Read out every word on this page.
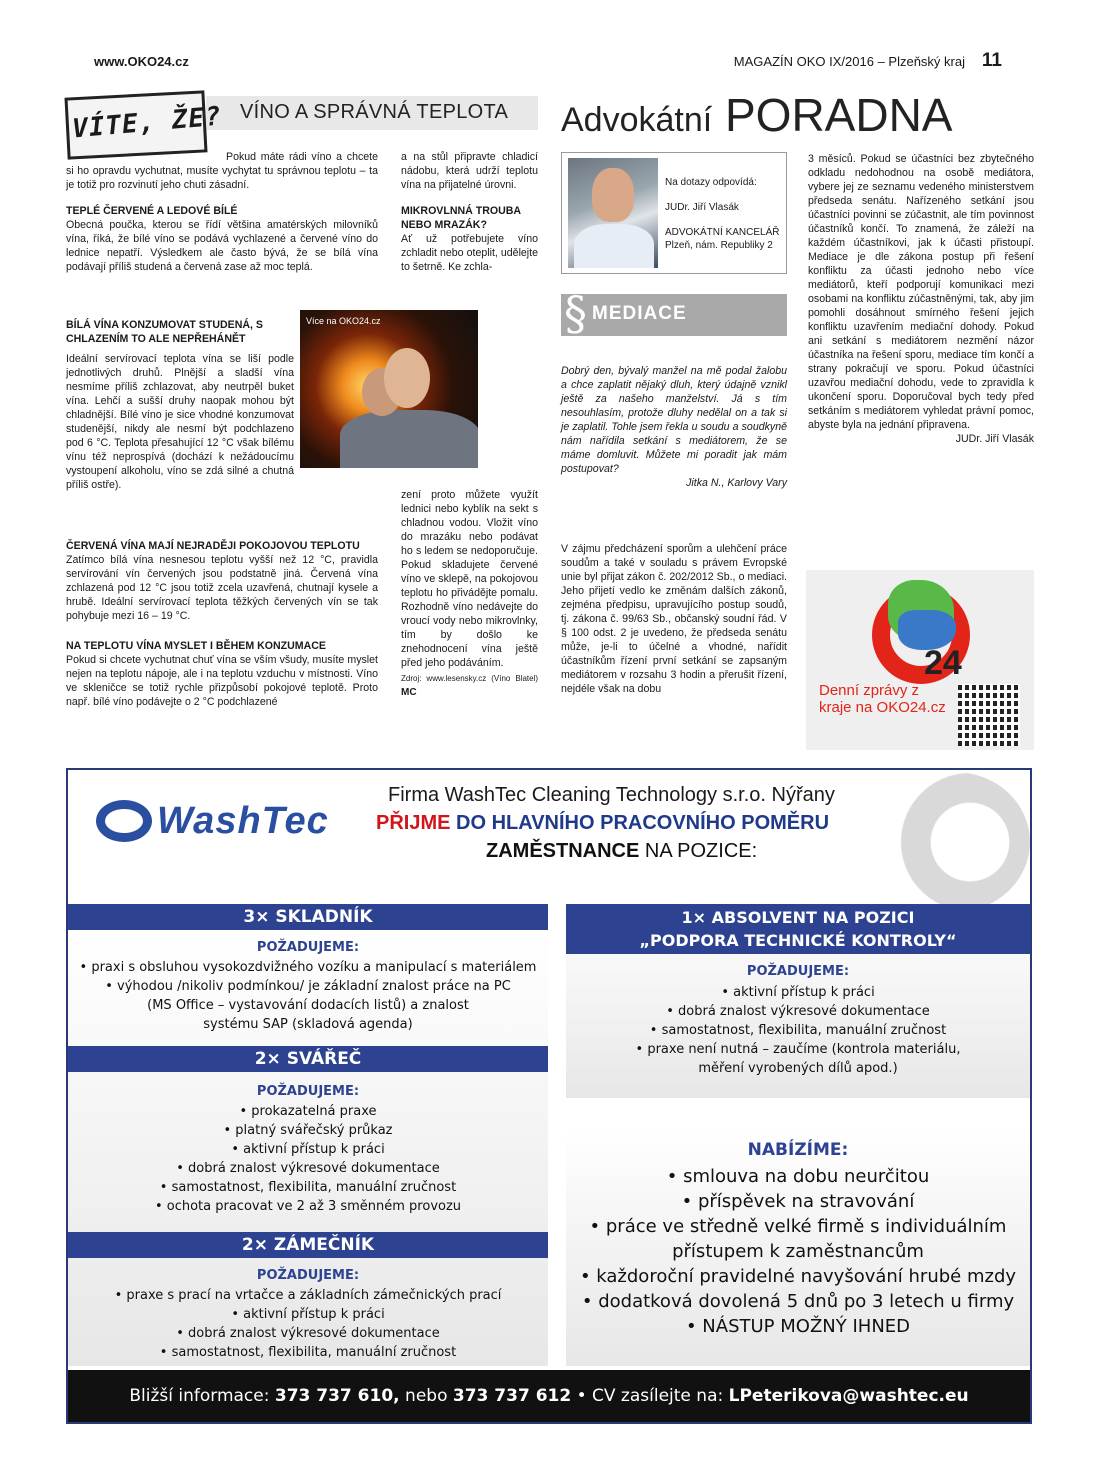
www.OKO24.cz	MAGAZÍN OKO IX/2016 – Plzeňský kraj 11
VÍNO A SPRÁVNÁ TEPLOTA
VÍTE, ŽE?

Pokud máte rádi víno a chcete si ho opravdu vychutnat, musíte vychytat tu správnou teplotu – ta je totiž pro rozvinutí jeho chuti zásadní.

TEPLÉ ČERVENÉ A LEDOVÉ BÍLÉ

Obecná poučka, kterou se řídí většina amatérských milovníků vína, říká, že bílé víno se podává vychlazené a červené víno do lednice nepatří. Výsledkem ale často bývá, že se bílá vína podávají příliš studená a červená zase až moc teplá.

BÍLÁ VÍNA KONZUMOVAT STUDENÁ, S CHLAZENÍM TO ALE NEPŘEHÁNĚT

Ideální servírovací teplota vína se liší podle jednotlivých druhů. Plnější a sladší vína nesmíme příliš zchlazovat, aby neutrpěl buket vína. Lehčí a sušší druhy naopak mohou být chladnější. Bílé víno je sice vhodné konzumovat studenější, nikdy ale nesmí být podchlazeno pod 6 °C. Teplota přesahující 12 °C však bílému vínu též neprospívá (dochází k nežádoucímu vystoupení alkoholu, víno se zdá silné a chutná příliš ostře).

ČERVENÁ VÍNA MAJÍ NEJRADĚJI POKOJOVOU TEPLOTU

Zatímco bílá vína nesnesou teplotu vyšší než 12 °C, pravidla servírování vín červených jsou podstatně jiná. Červená vína zchlazená pod 12 °C jsou totiž zcela uzavřená, chutnají kysele a hrubě. Ideální servírovací teplota těžkých červených vín se tak pohybuje mezi 16 – 19 °C.

NA TEPLOTU VÍNA MYSLET I BĚHEM KONZUMACE

Pokud si chcete vychutnat chuť vína se vším všudy, musíte myslet nejen na teplotu nápoje, ale i na teplotu vzduchu v místnosti. Víno ve skleničce se totiž rychle přizpůsobí pokojové teplotě. Proto např. bílé víno podávejte o 2 °C podchlazené

a na stůl připravte chladicí nádobu, která udrží teplotu vína na přijatelné úrovni.

MIKROVLNNÁ TROUBA NEBO MRAZÁK?

Ať už potřebujete víno zchladit nebo oteplit, udělejte to šetrně. Ke zchla-

zení proto můžete využít lednici nebo kyblík na sekt s chladnou vodou. Vložit víno do mrazáku nebo podávat ho s ledem se nedoporučuje. Pokud skladujete červené víno ve sklepě, na pokojovou teplotu ho přivádějte pomalu. Rozhodně víno nedávejte do vroucí vody nebo mikrovlnky, tím by došlo ke znehodnocení vína ještě před jeho podáváním.

Zdroj: www.lesensky.cz (Víno Blatel) MC

Více na OKO24.cz
Advokátní PORADNA
Na dotazy odpovídá:
JUDr. Jiří Vlasák
ADVOKÁTNÍ KANCELÁŘ
Plzeň, nám. Republiky 2
§ MEDIACE

Dobrý den, bývalý manžel na mě podal žalobu a chce zaplatit nějaký dluh, který údajně vznikl ještě za našeho manželství. Já s tím nesouhlasím, protože dluhy nedělal on a tak si je zaplatil. Tohle jsem řekla u soudu a soudkyně nám nařídila setkání s mediátorem, že se máme domluvit. Můžete mi poradit jak mám postupovat?

Jitka N., Karlovy Vary

V zájmu předcházení sporům a ulehčení práce soudům a také v souladu s právem Evropské unie byl přijat zákon č. 202/2012 Sb., o mediaci. Jeho přijetí vedlo ke změnám dalších zákonů, zejména předpisu, upravujícího postup soudů, tj. zákona č. 99/63 Sb., občanský soudní řád. V § 100 odst. 2 je uvedeno, že předseda senátu může, je-li to účelné a vhodné, nařídit účastníkům řízení první setkání se zapsaným mediátorem v rozsahu 3 hodin a přerušit řízení, nejdéle však na dobu

3 měsíců. Pokud se účastníci bez zbytečného odkladu nedohodnou na osobě mediátora, vybere jej ze seznamu vedeného ministerstvem předseda senátu. Nařízeného setkání jsou účastníci povinni se zúčastnit, ale tím povinnost účastníků končí. To znamená, že záleží na každém účastníkovi, jak k účasti přistoupí. Mediace je dle zákona postup při řešení konfliktu za účasti jednoho nebo více mediátorů, kteří podporují komunikaci mezi osobami na konfliktu zúčastněnými, tak, aby jim pomohli dosáhnout smírného řešení jejich konfliktu uzavřením mediační dohody. Pokud ani setkání s mediátorem nezmění názor účastníka na řešení sporu, mediace tím končí a strany pokračují ve sporu. Pokud účastníci uzavřou mediační dohodu, vede to zpravidla k ukončení sporu. Doporučoval bych tedy před setkáním s mediátorem vyhledat právní pomoc, abyste byla na jednání připravena.

JUDr. Jiří Vlasák

24
Denní zprávy z kraje na OKO24.cz
WashTec
Firma WashTec Cleaning Technology s.r.o. Nýřany
PŘIJME DO HLAVNÍHO PRACOVNÍHO POMĚRU
ZAMĚSTNANCE NA POZICE:
3× SKLADNÍK
POŽADUJEME:
• praxi s obsluhou vysokozdvižného vozíku a manipulací s materiálem
• výhodou /nikoliv podmínkou/ je základní znalost práce na PC
(MS Office – vystavování dodacích listů) a znalost
systému SAP (skladová agenda)
2× SVÁŘEČ
POŽADUJEME:
• prokazatelná praxe
• platný svářečský průkaz
• aktivní přístup k práci
• dobrá znalost výkresové dokumentace
• samostatnost, flexibilita, manuální zručnost
• ochota pracovat ve 2 až 3 směnném provozu
2× ZÁMEČNÍK
POŽADUJEME:
• praxe s prací na vrtačce a základních zámečnických prací
• aktivní přístup k práci
• dobrá znalost výkresové dokumentace
• samostatnost, flexibilita, manuální zručnost
1× ABSOLVENT NA POZICI
„PODPORA TECHNICKÉ KONTROLY“
POŽADUJEME:
• aktivní přístup k práci
• dobrá znalost výkresové dokumentace
• samostatnost, flexibilita, manuální zručnost
• praxe není nutná – zaučíme (kontrola materiálu,
měření vyrobených dílů apod.)
NABÍZÍME:
• smlouva na dobu neurčitou
• příspěvek na stravování
• práce ve středně velké firmě s individuálním
přístupem k zaměstnancům
• každoroční pravidelné navyšování hrubé mzdy
• dodatková dovolená 5 dnů po 3 letech u firmy
• NÁSTUP MOŽNÝ IHNED
Bližší informace: 373 737 610, nebo 373 737 612 • CV zasílejte na: LPeterikova@washtec.eu
